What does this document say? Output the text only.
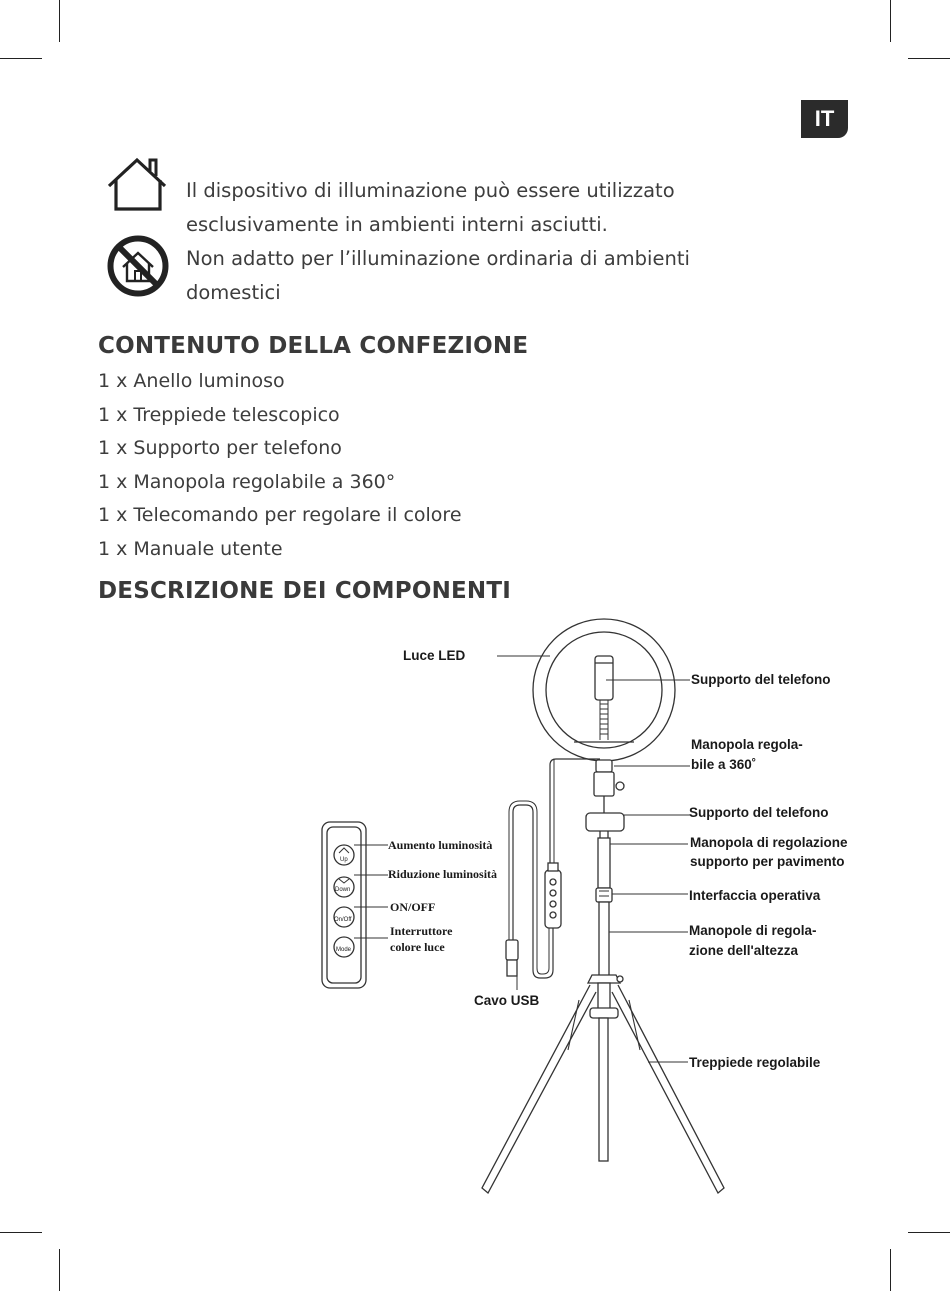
IT

Il dispositivo di illuminazione può essere utilizzato

esclusivamente in ambienti interni asciutti.

Non adatto per l’illuminazione ordinaria di ambienti

domestici

CONTENUTO DELLA CONFEZIONE
1 x Anello luminoso
1 x Treppiede telescopico
1 x Supporto per telefono
1 x Manopola regolabile a 360°
1 x Telecomando per regolare il colore
1 x Manuale utente
DESCRIZIONE DEI COMPONENTI
Up
Down
On/Off
Mode
Luce LED
Supporto del telefono
Manopola regola-
bile a 360˚
Supporto del telefono
Manopola di regolazione
supporto per pavimento
Interfaccia operativa
Manopole di regola-
zione dell'altezza
Treppiede regolabile
Cavo USB
Aumento luminosità
Riduzione luminosità
ON/OFF
Interruttore
colore luce
